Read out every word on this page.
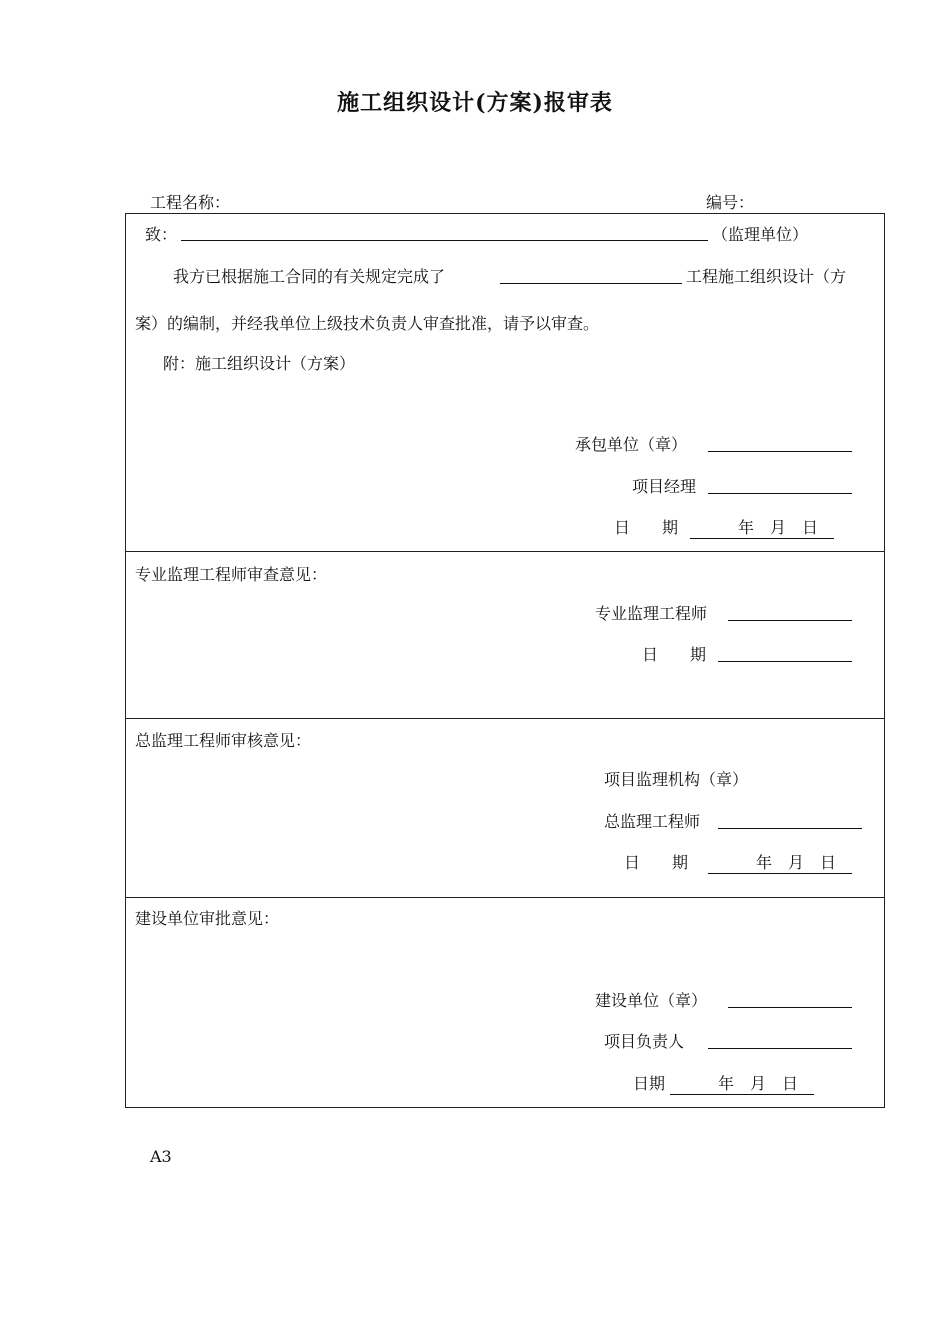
施工组织设计(方案)报审表
工程名称：	编号：
致：	（监理单位）
我方已根据施工合同的有关规定完成了	工程施工组织设计（方
案）的编制，并经我单位上级技术负责人审查批准，请予以审查。
附：施工组织设计（方案）
承包单位（章）
项目经理
日　　期 　　　年　月　日　
专业监理工程师审查意见：
专业监理工程师
日　　期
总监理工程师审核意见：
项目监理机构（章）
总监理工程师
日　　期 　　　年　月　日　
建设单位审批意见：
建设单位（章）
项目负责人
日期 　　　年　月　日　
A3
